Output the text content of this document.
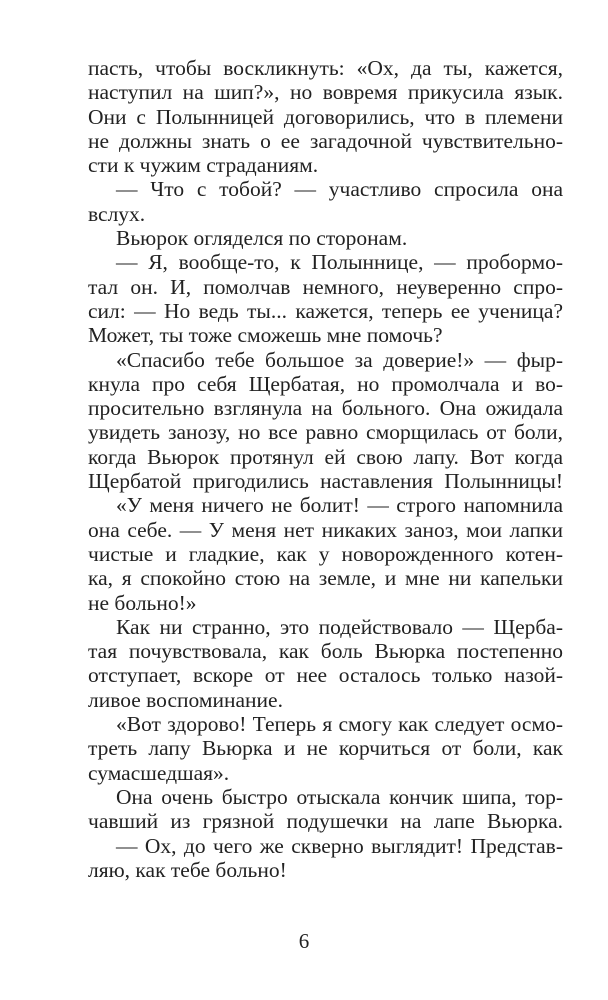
пасть, чтобы воскликнуть: «Ох, да ты, кажется,
наступил на шип?», но вовремя прикусила язык.
Они с Полынницей договорились, что в племени
не должны знать о ее загадочной чувствительно-
сти к чужим страданиям.
— Что с тобой? — участливо спросила она
вслух.
Вьюрок огляделся по сторонам.
— Я, вообще-то, к Полыннице, — пробормо-
тал он. И, помолчав немного, неуверенно спро-
сил: — Но ведь ты... кажется, теперь ее ученица?
Может, ты тоже сможешь мне помочь?
«Спасибо тебе большое за доверие!» — фыр-
кнула про себя Щербатая, но промолчала и во-
просительно взглянула на больного. Она ожидала
увидеть занозу, но все равно сморщилась от боли,
когда Вьюрок протянул ей свою лапу. Вот когда
Щербатой пригодились наставления Полынницы!
«У меня ничего не болит! — строго напомнила
она себе. — У меня нет никаких заноз, мои лапки
чистые и гладкие, как у новорожденного котен-
ка, я спокойно стою на земле, и мне ни капельки
не больно!»
Как ни странно, это подействовало — Щерба-
тая почувствовала, как боль Вьюрка постепенно
отступает, вскоре от нее осталось только назой-
ливое воспоминание.
«Вот здорово! Теперь я смогу как следует осмо-
треть лапу Вьюрка и не корчиться от боли, как
сумасшедшая».
Она очень быстро отыскала кончик шипа, тор-
чавший из грязной подушечки на лапе Вьюрка.
— Ох, до чего же скверно выглядит! Представ-
ляю, как тебе больно!
6
